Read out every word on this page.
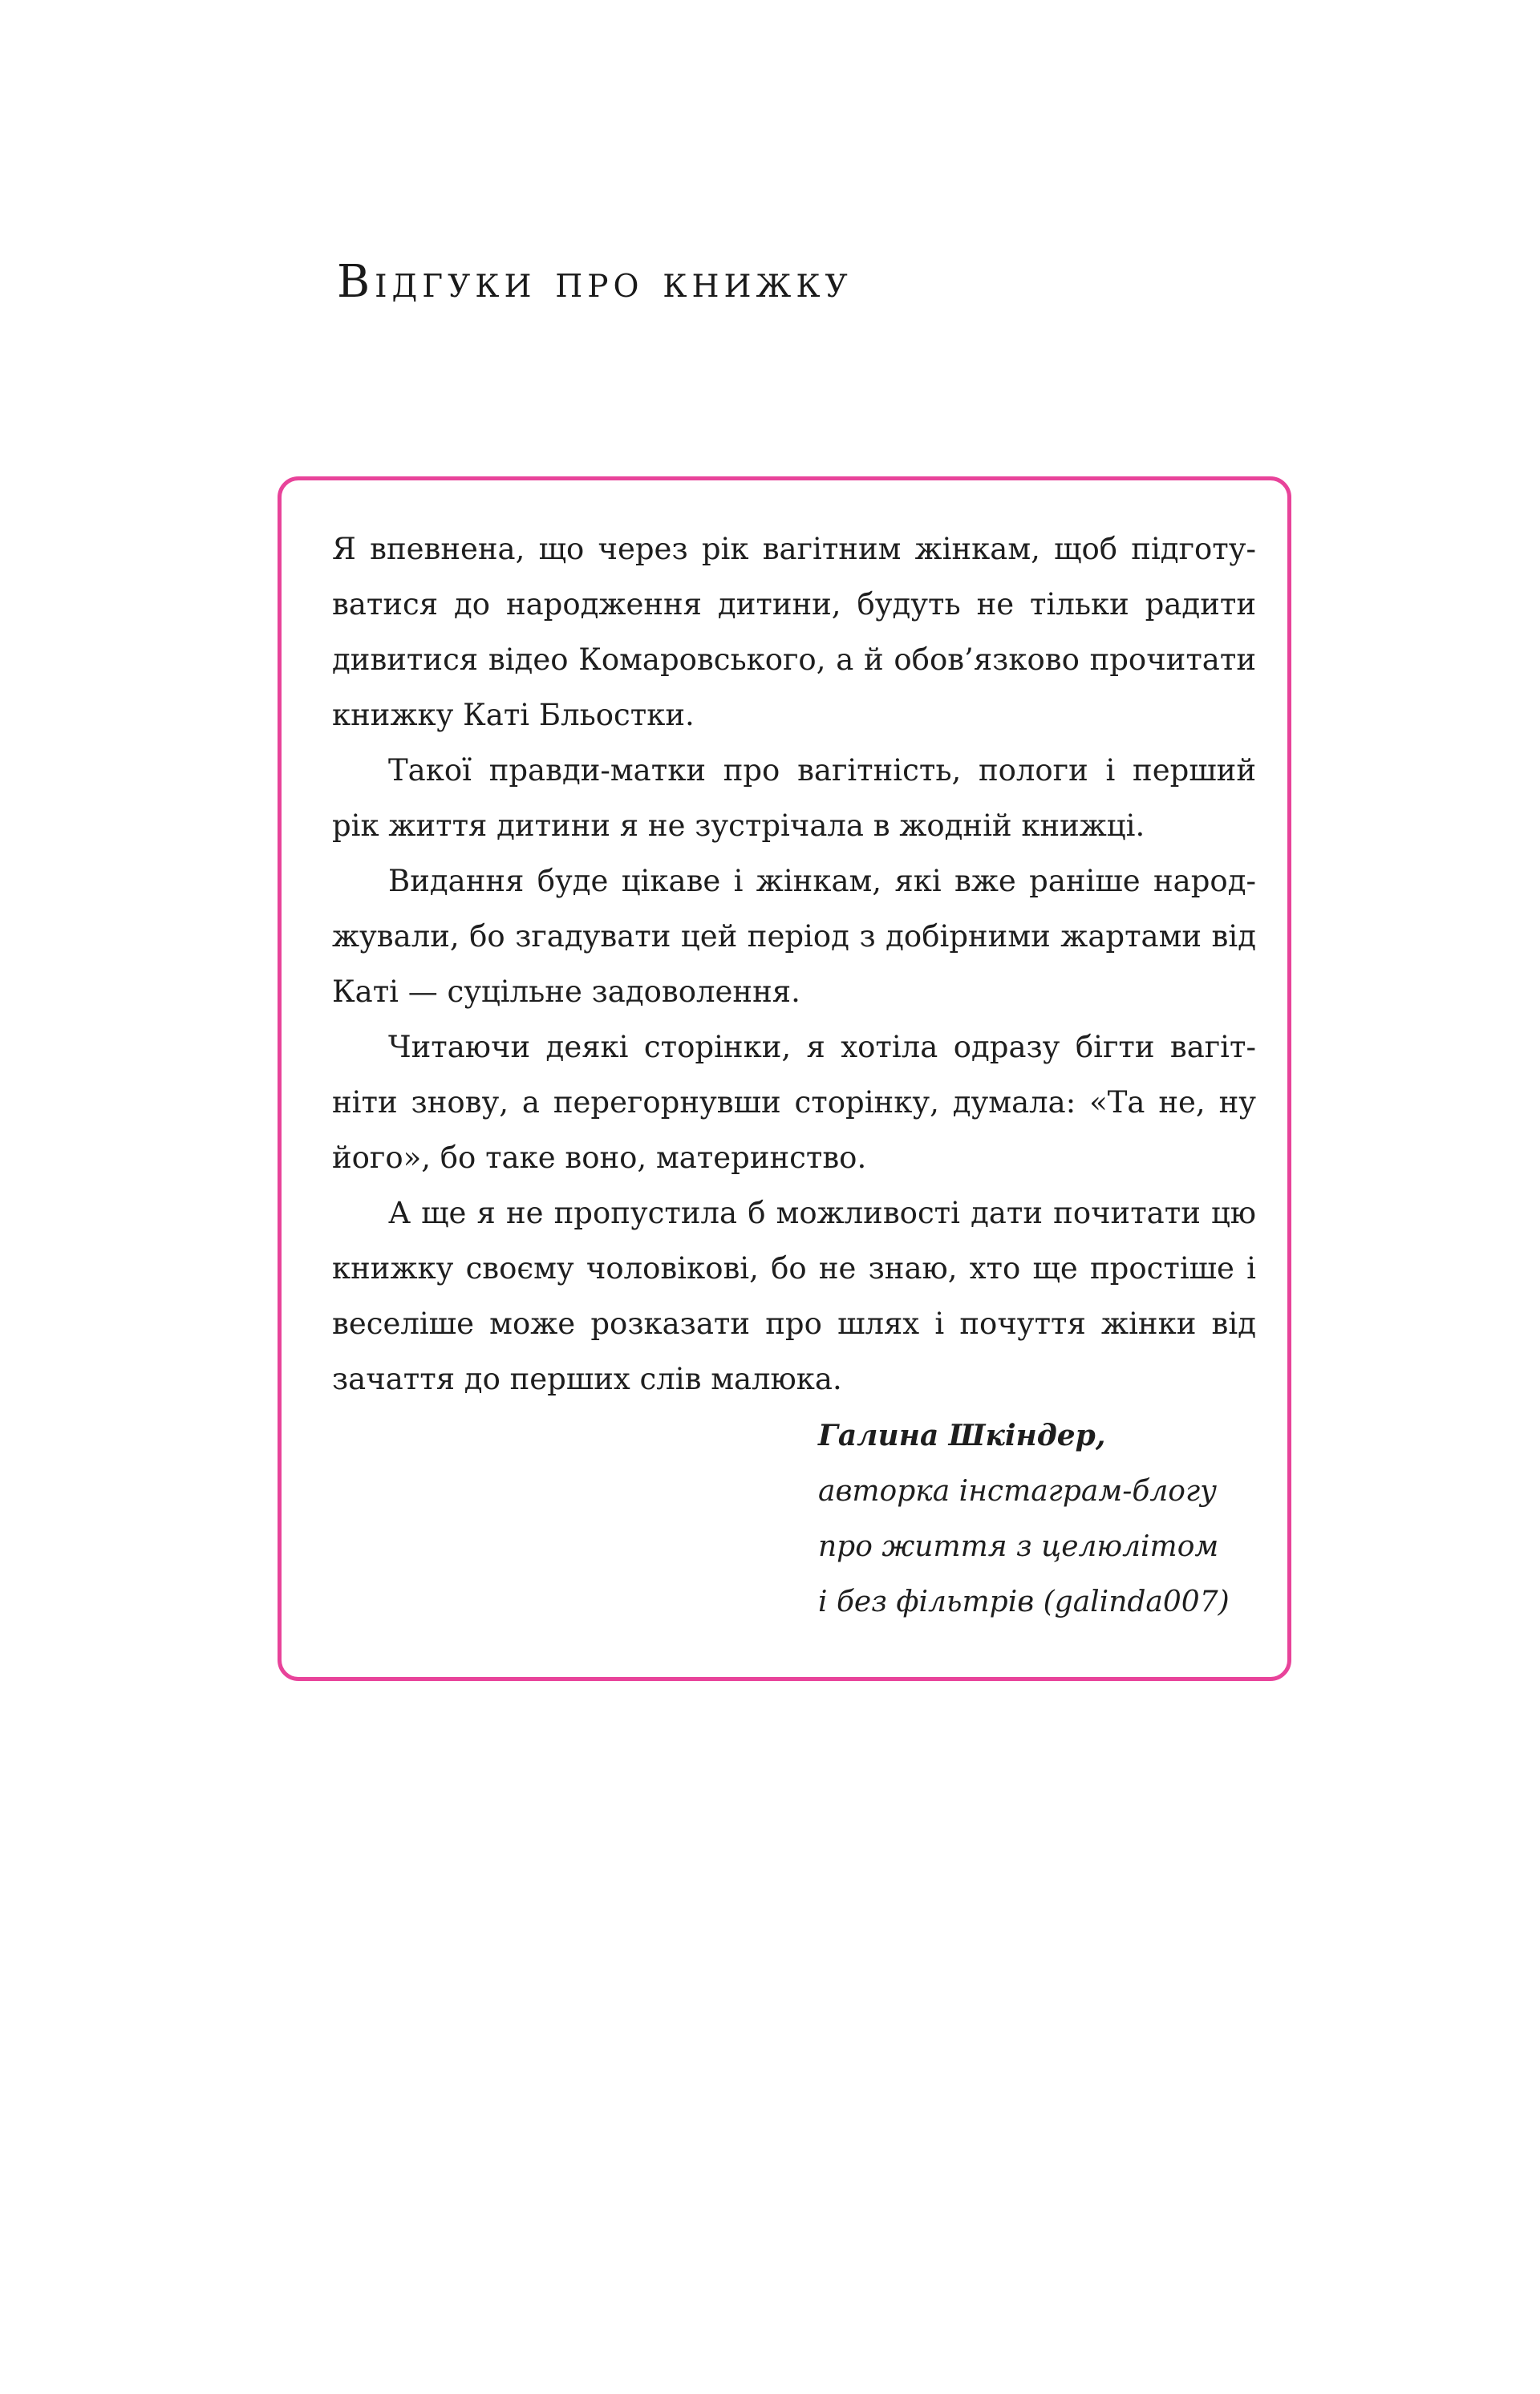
Відгуки про книжку

Я впевнена, що через рік вагітним жінкам, щоб підготуватися до народження дитини, будуть не тільки радити дивитися відео Комаровського, а й обов’язково прочитати книжку Каті Бльостки.

Такої правди-матки про вагітність, пологи і перший рік життя дитини я не зустрічала в жодній книжці.

Видання буде цікаве і жінкам, які вже раніше народжували, бо згадувати цей період з добірними жартами від Каті — суцільне задоволення.

Читаючи деякі сторінки, я хотіла одразу бігти вагітніти знову, а перегорнувши сторінку, думала: «Та не, ну його», бо таке воно, материнство.

А ще я не пропустила б можливості дати почитати цю книжку своєму чоловікові, бо не знаю, хто ще простіше і веселіше може розказати про шлях і почуття жінки від зачаття до перших слів малюка.

Галина Шкіндер,
авторка інстаграм-блогу
про життя з целюлітом
і без фільтрів (galinda007)
